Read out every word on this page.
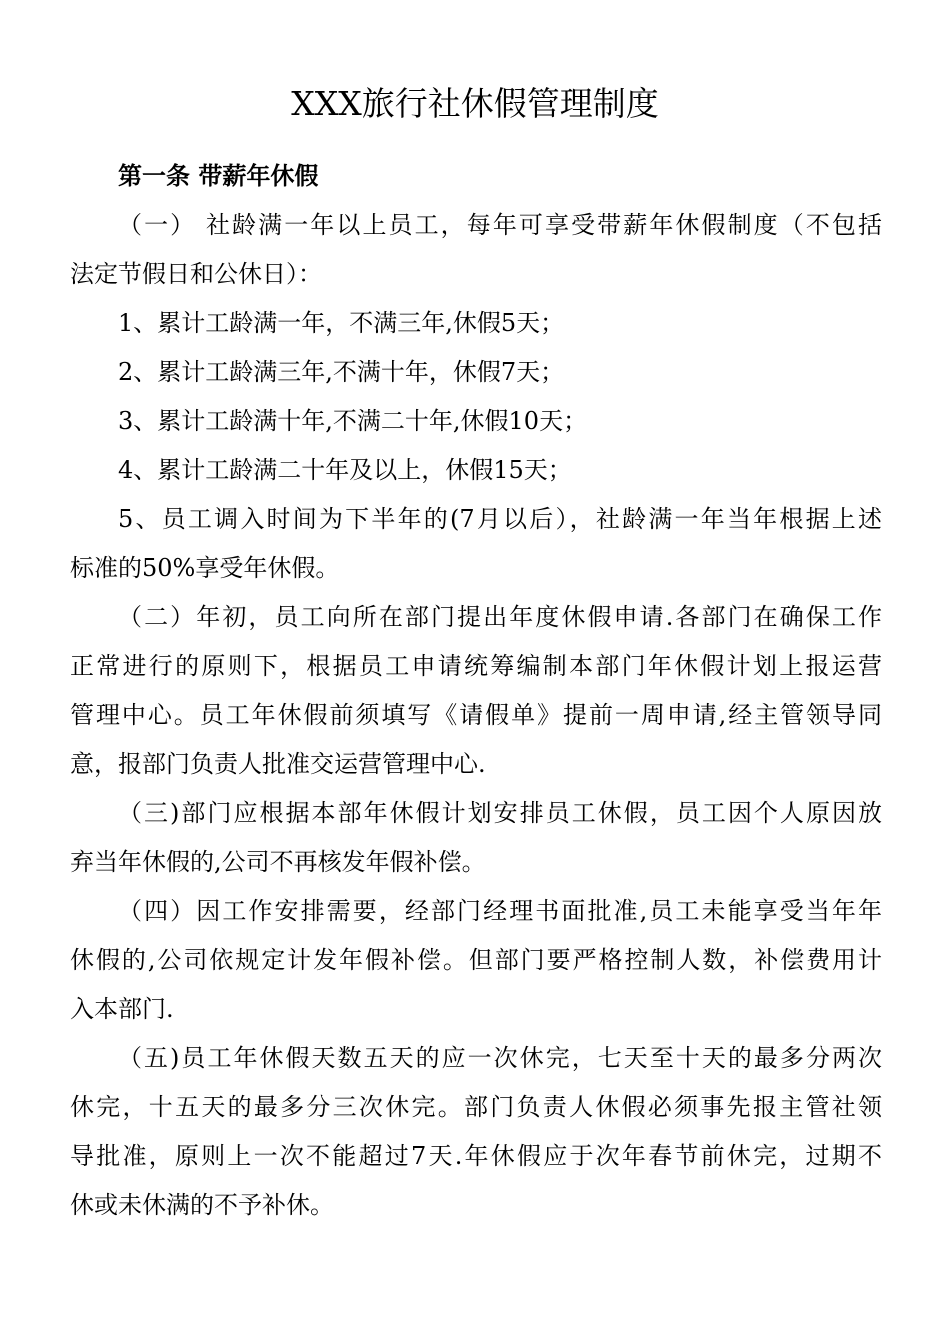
XXX旅行社休假管理制度
第一条 带薪年休假
（一） 社龄满一年以上员工，每年可享受带薪年休假制度（不包括
法定节假日和公休日）：
1、累计工龄满一年，不满三年,休假5天；
2、累计工龄满三年,不满十年，休假7天；
3、累计工龄满十年,不满二十年,休假10天；
4、累计工龄满二十年及以上，休假15天；
5、员工调入时间为下半年的(7月以后），社龄满一年当年根据上述
标准的50%享受年休假。
（二）年初，员工向所在部门提出年度休假申请.各部门在确保工作
正常进行的原则下，根据员工申请统筹编制本部门年休假计划上报运营
管理中心。员工年休假前须填写《请假单》提前一周申请,经主管领导同
意，报部门负责人批准交运营管理中心.
（三)部门应根据本部年休假计划安排员工休假，员工因个人原因放
弃当年休假的,公司不再核发年假补偿。
（四）因工作安排需要，经部门经理书面批准,员工未能享受当年年
休假的,公司依规定计发年假补偿。但部门要严格控制人数，补偿费用计
入本部门.
（五)员工年休假天数五天的应一次休完，七天至十天的最多分两次
休完，十五天的最多分三次休完。部门负责人休假必须事先报主管社领
导批准，原则上一次不能超过7天.年休假应于次年春节前休完，过期不
休或未休满的不予补休。
